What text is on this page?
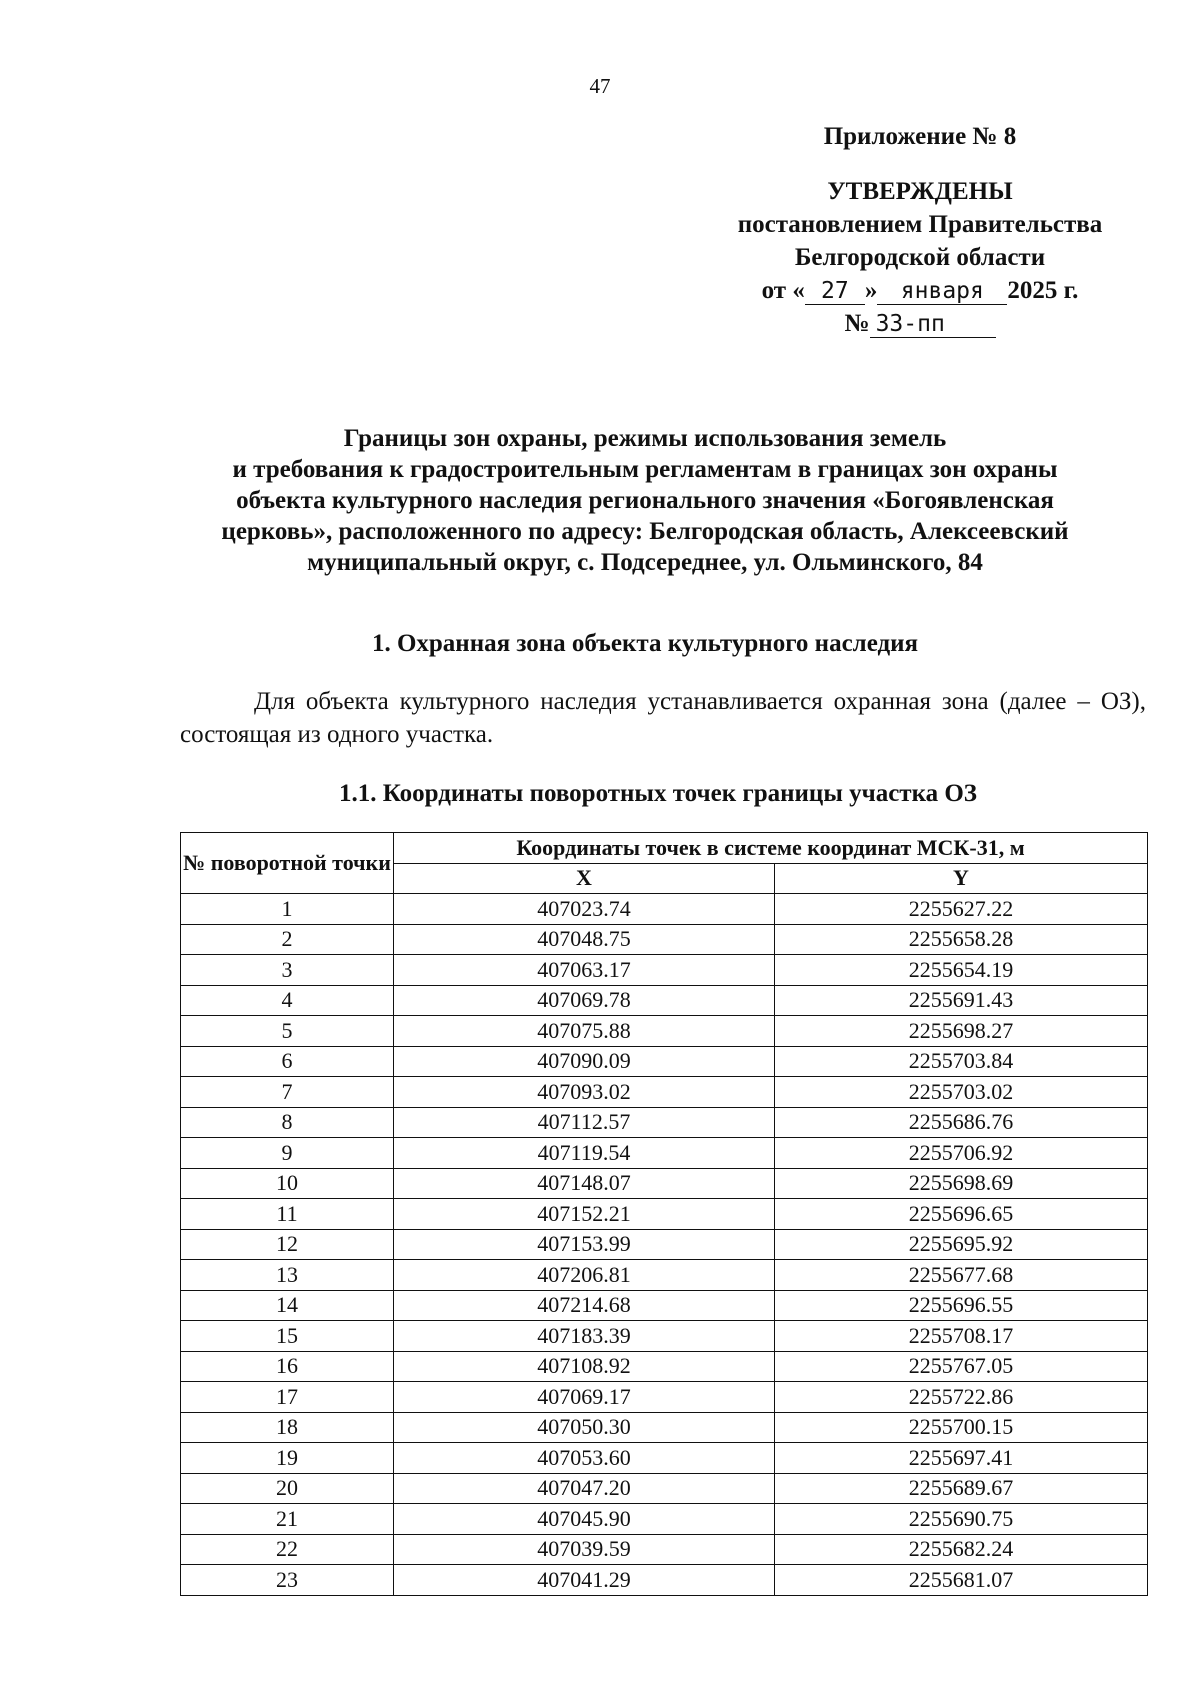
47
Приложение № 8
УТВЕРЖДЕНЫ
постановлением Правительства
Белгородской области
от « 27 » января 2025 г.
№ 33-пп
Границы зон охраны, режимы использования земель
и требования к градостроительным регламентам в границах зон охраны
объекта культурного наследия регионального значения «Богоявленская
церковь», расположенного по адресу: Белгородская область, Алексеевский
муниципальный округ, с. Подсереднее, ул. Ольминского, 84
1. Охранная зона объекта культурного наследия
Для объекта культурного наследия устанавливается охранная зона (далее – ОЗ), состоящая из одного участка.
1.1. Координаты поворотных точек границы участка ОЗ
№ поворотной точки	Координаты точек в системе координат МСК-31, м	
	X	Y
1	407023.74	2255627.22
2	407048.75	2255658.28
3	407063.17	2255654.19
4	407069.78	2255691.43
5	407075.88	2255698.27
6	407090.09	2255703.84
7	407093.02	2255703.02
8	407112.57	2255686.76
9	407119.54	2255706.92
10	407148.07	2255698.69
11	407152.21	2255696.65
12	407153.99	2255695.92
13	407206.81	2255677.68
14	407214.68	2255696.55
15	407183.39	2255708.17
16	407108.92	2255767.05
17	407069.17	2255722.86
18	407050.30	2255700.15
19	407053.60	2255697.41
20	407047.20	2255689.67
21	407045.90	2255690.75
22	407039.59	2255682.24
23	407041.29	2255681.07
